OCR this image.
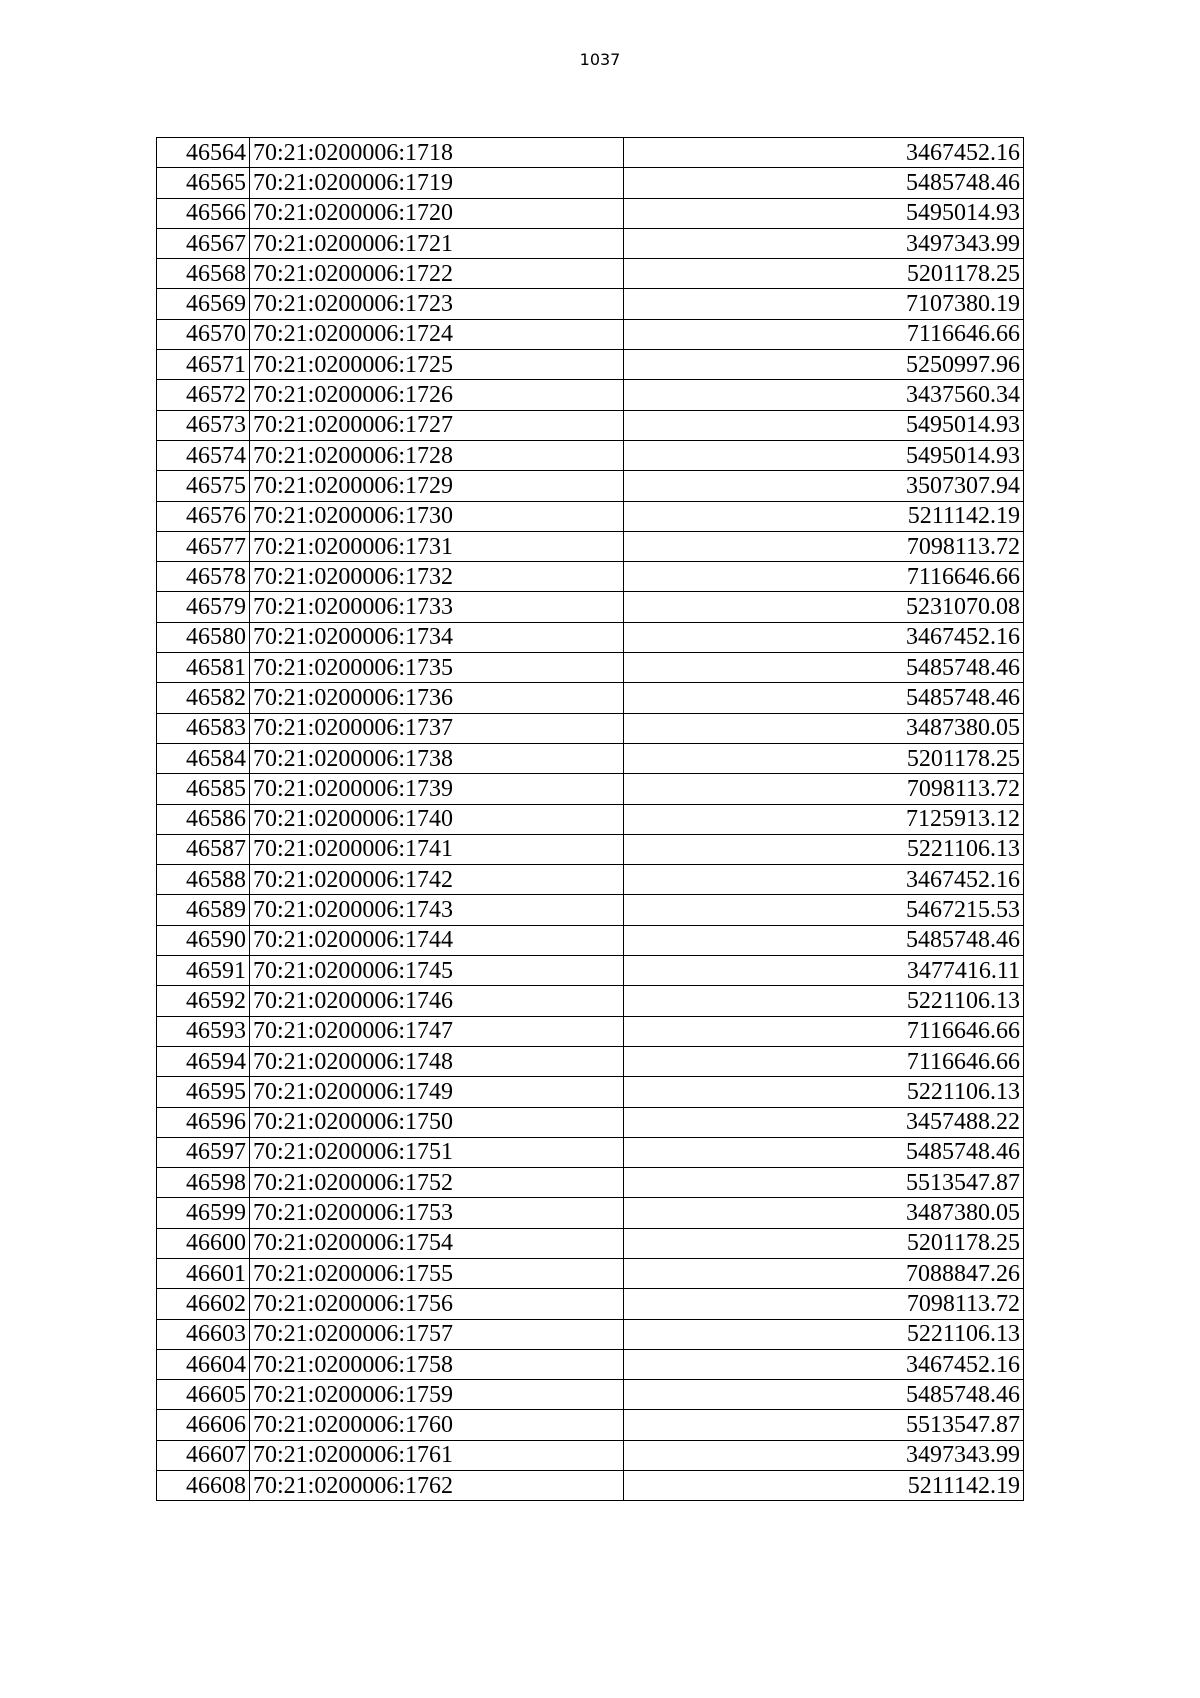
1037
46564	70:21:0200006:1718	3467452.16
46565	70:21:0200006:1719	5485748.46
46566	70:21:0200006:1720	5495014.93
46567	70:21:0200006:1721	3497343.99
46568	70:21:0200006:1722	5201178.25
46569	70:21:0200006:1723	7107380.19
46570	70:21:0200006:1724	7116646.66
46571	70:21:0200006:1725	5250997.96
46572	70:21:0200006:1726	3437560.34
46573	70:21:0200006:1727	5495014.93
46574	70:21:0200006:1728	5495014.93
46575	70:21:0200006:1729	3507307.94
46576	70:21:0200006:1730	5211142.19
46577	70:21:0200006:1731	7098113.72
46578	70:21:0200006:1732	7116646.66
46579	70:21:0200006:1733	5231070.08
46580	70:21:0200006:1734	3467452.16
46581	70:21:0200006:1735	5485748.46
46582	70:21:0200006:1736	5485748.46
46583	70:21:0200006:1737	3487380.05
46584	70:21:0200006:1738	5201178.25
46585	70:21:0200006:1739	7098113.72
46586	70:21:0200006:1740	7125913.12
46587	70:21:0200006:1741	5221106.13
46588	70:21:0200006:1742	3467452.16
46589	70:21:0200006:1743	5467215.53
46590	70:21:0200006:1744	5485748.46
46591	70:21:0200006:1745	3477416.11
46592	70:21:0200006:1746	5221106.13
46593	70:21:0200006:1747	7116646.66
46594	70:21:0200006:1748	7116646.66
46595	70:21:0200006:1749	5221106.13
46596	70:21:0200006:1750	3457488.22
46597	70:21:0200006:1751	5485748.46
46598	70:21:0200006:1752	5513547.87
46599	70:21:0200006:1753	3487380.05
46600	70:21:0200006:1754	5201178.25
46601	70:21:0200006:1755	7088847.26
46602	70:21:0200006:1756	7098113.72
46603	70:21:0200006:1757	5221106.13
46604	70:21:0200006:1758	3467452.16
46605	70:21:0200006:1759	5485748.46
46606	70:21:0200006:1760	5513547.87
46607	70:21:0200006:1761	3497343.99
46608	70:21:0200006:1762	5211142.19
